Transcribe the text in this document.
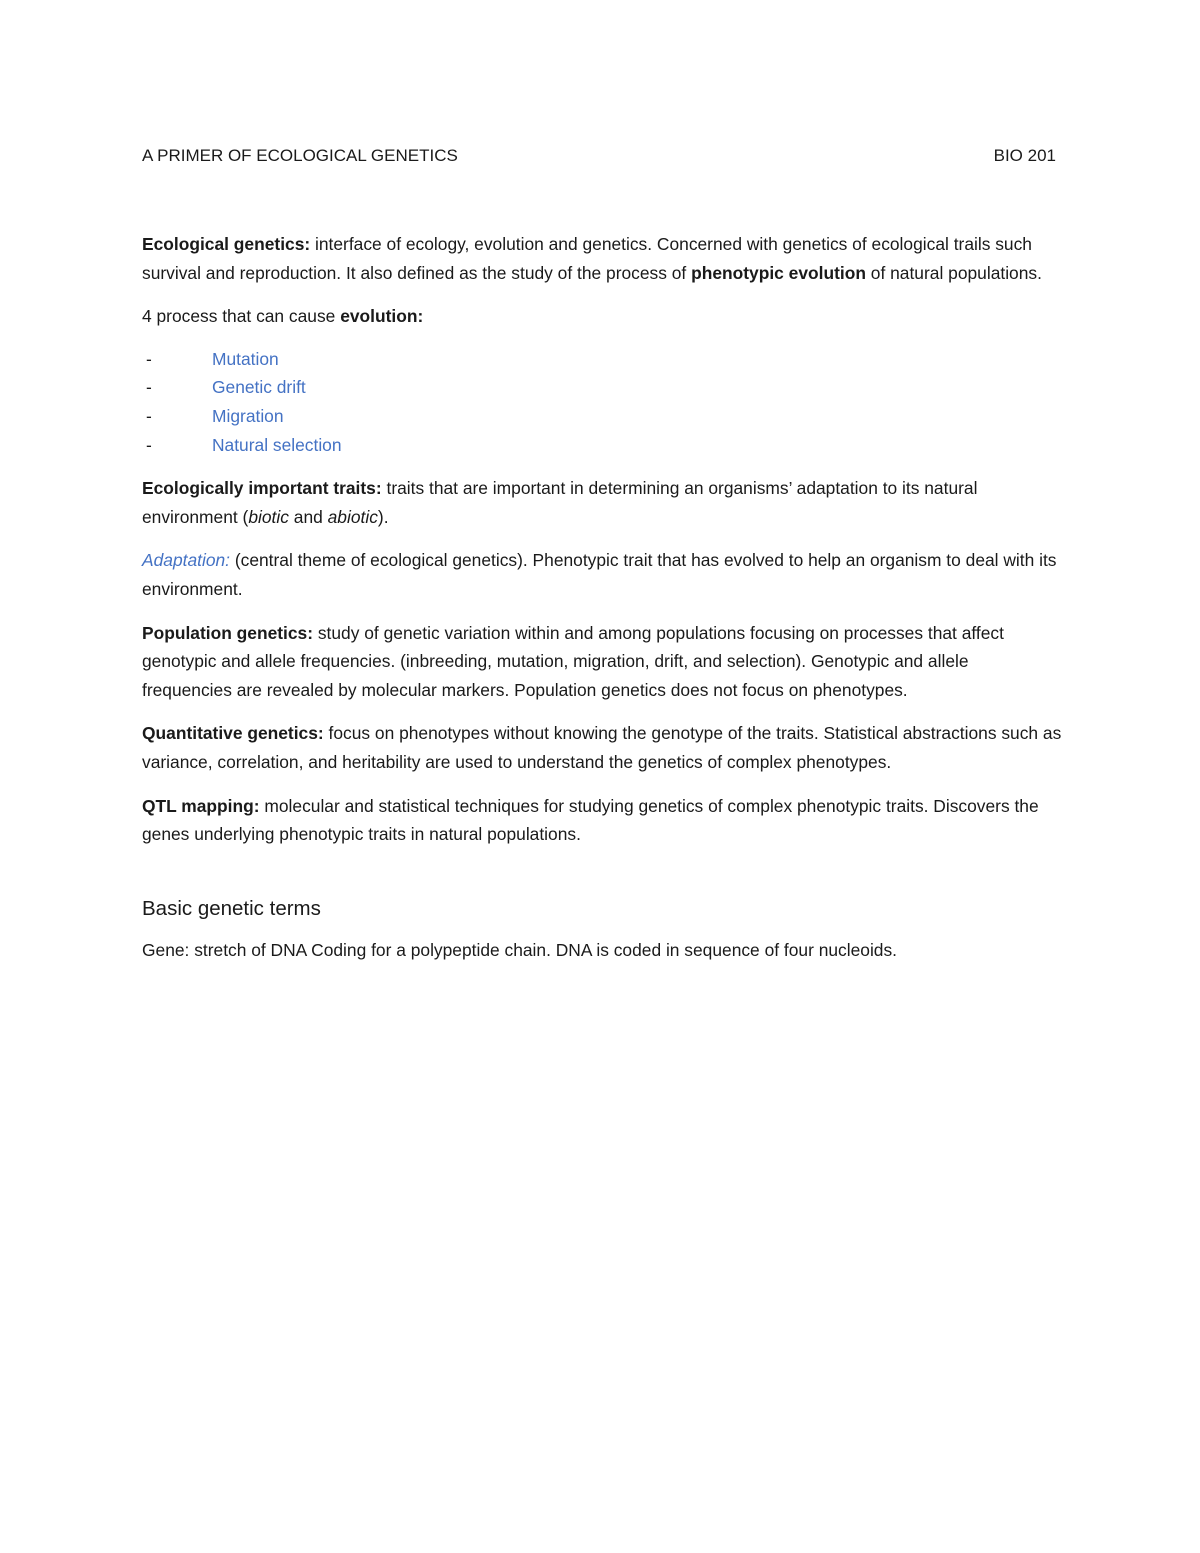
A PRIMER OF ECOLOGICAL GENETICS	BIO 201

Ecological genetics: interface of ecology, evolution and genetics. Concerned with genetics of ecological trails such survival and reproduction. It also defined as the study of the process of phenotypic evolution of natural populations.

4 process that can cause evolution:

-	Mutation
-	Genetic drift
-	Migration
-	Natural selection

Ecologically important traits: traits that are important in determining an organisms’ adaptation to its natural environment (biotic and abiotic).

Adaptation: (central theme of ecological genetics). Phenotypic trait that has evolved to help an organism to deal with its environment.

Population genetics: study of genetic variation within and among populations focusing on processes that affect genotypic and allele frequencies. (inbreeding, mutation, migration, drift, and selection). Genotypic and allele frequencies are revealed by molecular markers. Population genetics does not focus on phenotypes.

Quantitative genetics: focus on phenotypes without knowing the genotype of the traits. Statistical abstractions such as variance, correlation, and heritability are used to understand the genetics of complex phenotypes.

QTL mapping: molecular and statistical techniques for studying genetics of complex phenotypic traits. Discovers the genes underlying phenotypic traits in natural populations.

Basic genetic terms

Gene: stretch of DNA Coding for a polypeptide chain. DNA is coded in sequence of four nucleoids.
